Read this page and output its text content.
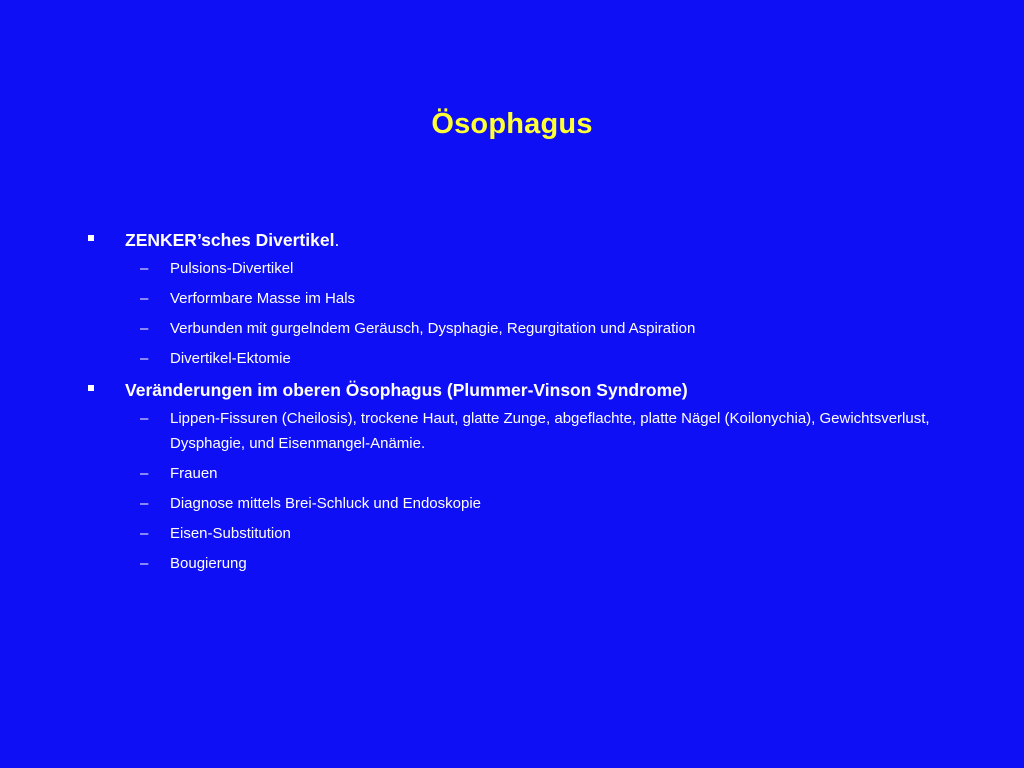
Ösophagus
ZENKER’sches Divertikel.
– Pulsions-Divertikel
– Verformbare Masse im Hals
– Verbunden mit gurgelndem Geräusch, Dysphagie, Regurgitation und Aspiration
– Divertikel-Ektomie
Veränderungen im oberen Ösophagus (Plummer-Vinson Syndrome)
– Lippen-Fissuren (Cheilosis), trockene Haut, glatte Zunge, abgeflachte, platte Nägel (Koilonychia), Gewichtsverlust, Dysphagie, und Eisenmangel-Anämie.
– Frauen
– Diagnose mittels Brei-Schluck und Endoskopie
– Eisen-Substitution
– Bougierung
